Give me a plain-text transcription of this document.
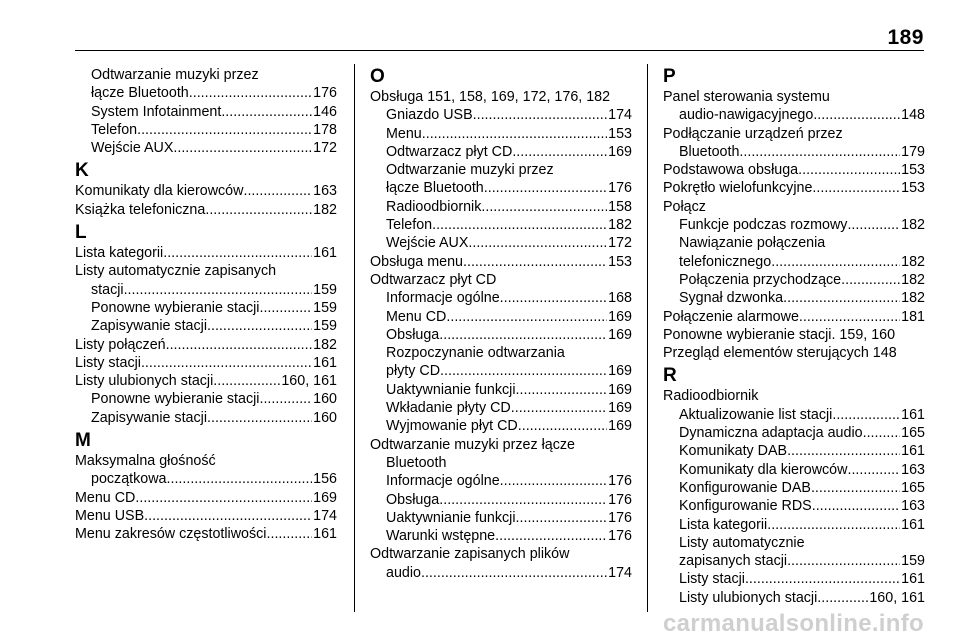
189
Odtwarzanie muzyki przez
łącze Bluetooth .....	176
System Infotainment .....	146
Telefon .....	178
Wejście AUX .....	172
K
Komunikaty dla kierowców .....	163
Książka telefoniczna .....	182
L
Lista kategorii .....	161
Listy automatycznie zapisanych
stacji .....	159
Ponowne wybieranie stacji .....	159
Zapisywanie stacji .....	159
Listy połączeń .....	182
Listy stacji .....	161
Listy ulubionych stacji .....	160, 161
Ponowne wybieranie stacji .....	160
Zapisywanie stacji .....	160
M
Maksymalna głośność
początkowa .....	156
Menu CD .....	169
Menu USB .....	174
Menu zakresów częstotliwości .....	161
O
Obsługa 151, 158, 169, 172, 176, 182
Gniazdo USB .....	174
Menu .....	153
Odtwarzacz płyt CD .....	169
Odtwarzanie muzyki przez
łącze Bluetooth .....	176
Radioodbiornik .....	158
Telefon .....	182
Wejście AUX .....	172
Obsługa menu .....	153
Odtwarzacz płyt CD
Informacje ogólne .....	168
Menu CD .....	169
Obsługa .....	169
Rozpoczynanie odtwarzania
płyty CD .....	169
Uaktywnianie funkcji .....	169
Wkładanie płyty CD .....	169
Wyjmowanie płyt CD .....	169
Odtwarzanie muzyki przez łącze
Bluetooth
Informacje ogólne .....	176
Obsługa .....	176
Uaktywnianie funkcji .....	176
Warunki wstępne .....	176
Odtwarzanie zapisanych plików
audio .....	174
P
Panel sterowania systemu
audio-nawigacyjnego .....	148
Podłączanie urządzeń przez
Bluetooth .....	179
Podstawowa obsługa .....	153
Pokrętło wielofunkcyjne .....	153
Połącz
Funkcje podczas rozmowy .....	182
Nawiązanie połączenia
telefonicznego .....	182
Połączenia przychodzące .....	182
Sygnał dzwonka .....	182
Połączenie alarmowe .....	181
Ponowne wybieranie stacji. 159, 160
Przegląd elementów sterujących 148
R
Radioodbiornik
Aktualizowanie list stacji .....	161
Dynamiczna adaptacja audio .....	165
Komunikaty DAB .....	161
Komunikaty dla kierowców .....	163
Konfigurowanie DAB .....	165
Konfigurowanie RDS .....	163
Lista kategorii .....	161
Listy automatycznie
zapisanych stacji .....	159
Listy stacji .....	161
Listy ulubionych stacji .....	160, 161
carmanualsonline.info
